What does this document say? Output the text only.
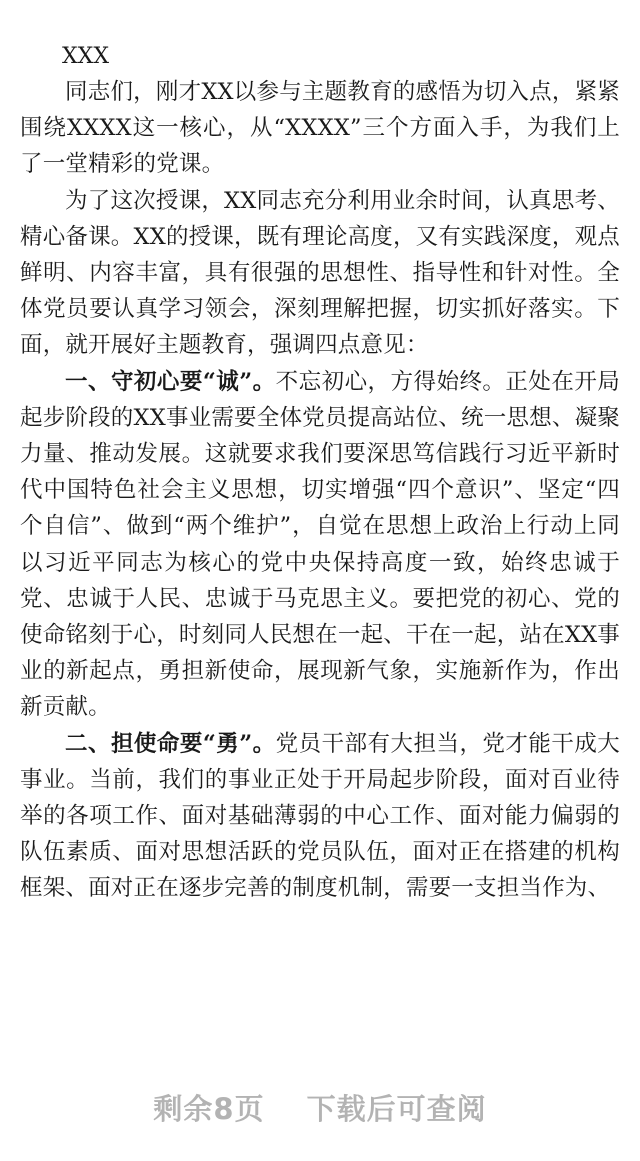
XXX

同志们，刚才XX以参与主题教育的感悟为切入点，紧紧围绕XXXX这一核心，从“XXXX”三个方面入手，为我们上了一堂精彩的党课。

为了这次授课，XX同志充分利用业余时间，认真思考、精心备课。XX的授课，既有理论高度，又有实践深度，观点鲜明、内容丰富，具有很强的思想性、指导性和针对性。全体党员要认真学习领会，深刻理解把握，切实抓好落实。下面，就开展好主题教育，强调四点意见：

一、守初心要“诚”。不忘初心，方得始终。正处在开局起步阶段的XX事业需要全体党员提高站位、统一思想、凝聚力量、推动发展。这就要求我们要深思笃信践行习近平新时代中国特色社会主义思想，切实增强“四个意识”、坚定“四个自信”、做到“两个维护”，自觉在思想上政治上行动上同以习近平同志为核心的党中央保持高度一致，始终忠诚于党、忠诚于人民、忠诚于马克思主义。要把党的初心、党的使命铭刻于心，时刻同人民想在一起、干在一起，站在XX事业的新起点，勇担新使命，展现新气象，实施新作为，作出新贡献。

二、担使命要“勇”。党员干部有大担当，党才能干成大事业。当前，我们的事业正处于开局起步阶段，面对百业待举的各项工作、面对基础薄弱的中心工作、面对能力偏弱的队伍素质、面对思想活跃的党员队伍，面对正在搭建的机构框架、面对正在逐步完善的制度机制，需要一支担当作为、

剩余8页 下载后可查阅
